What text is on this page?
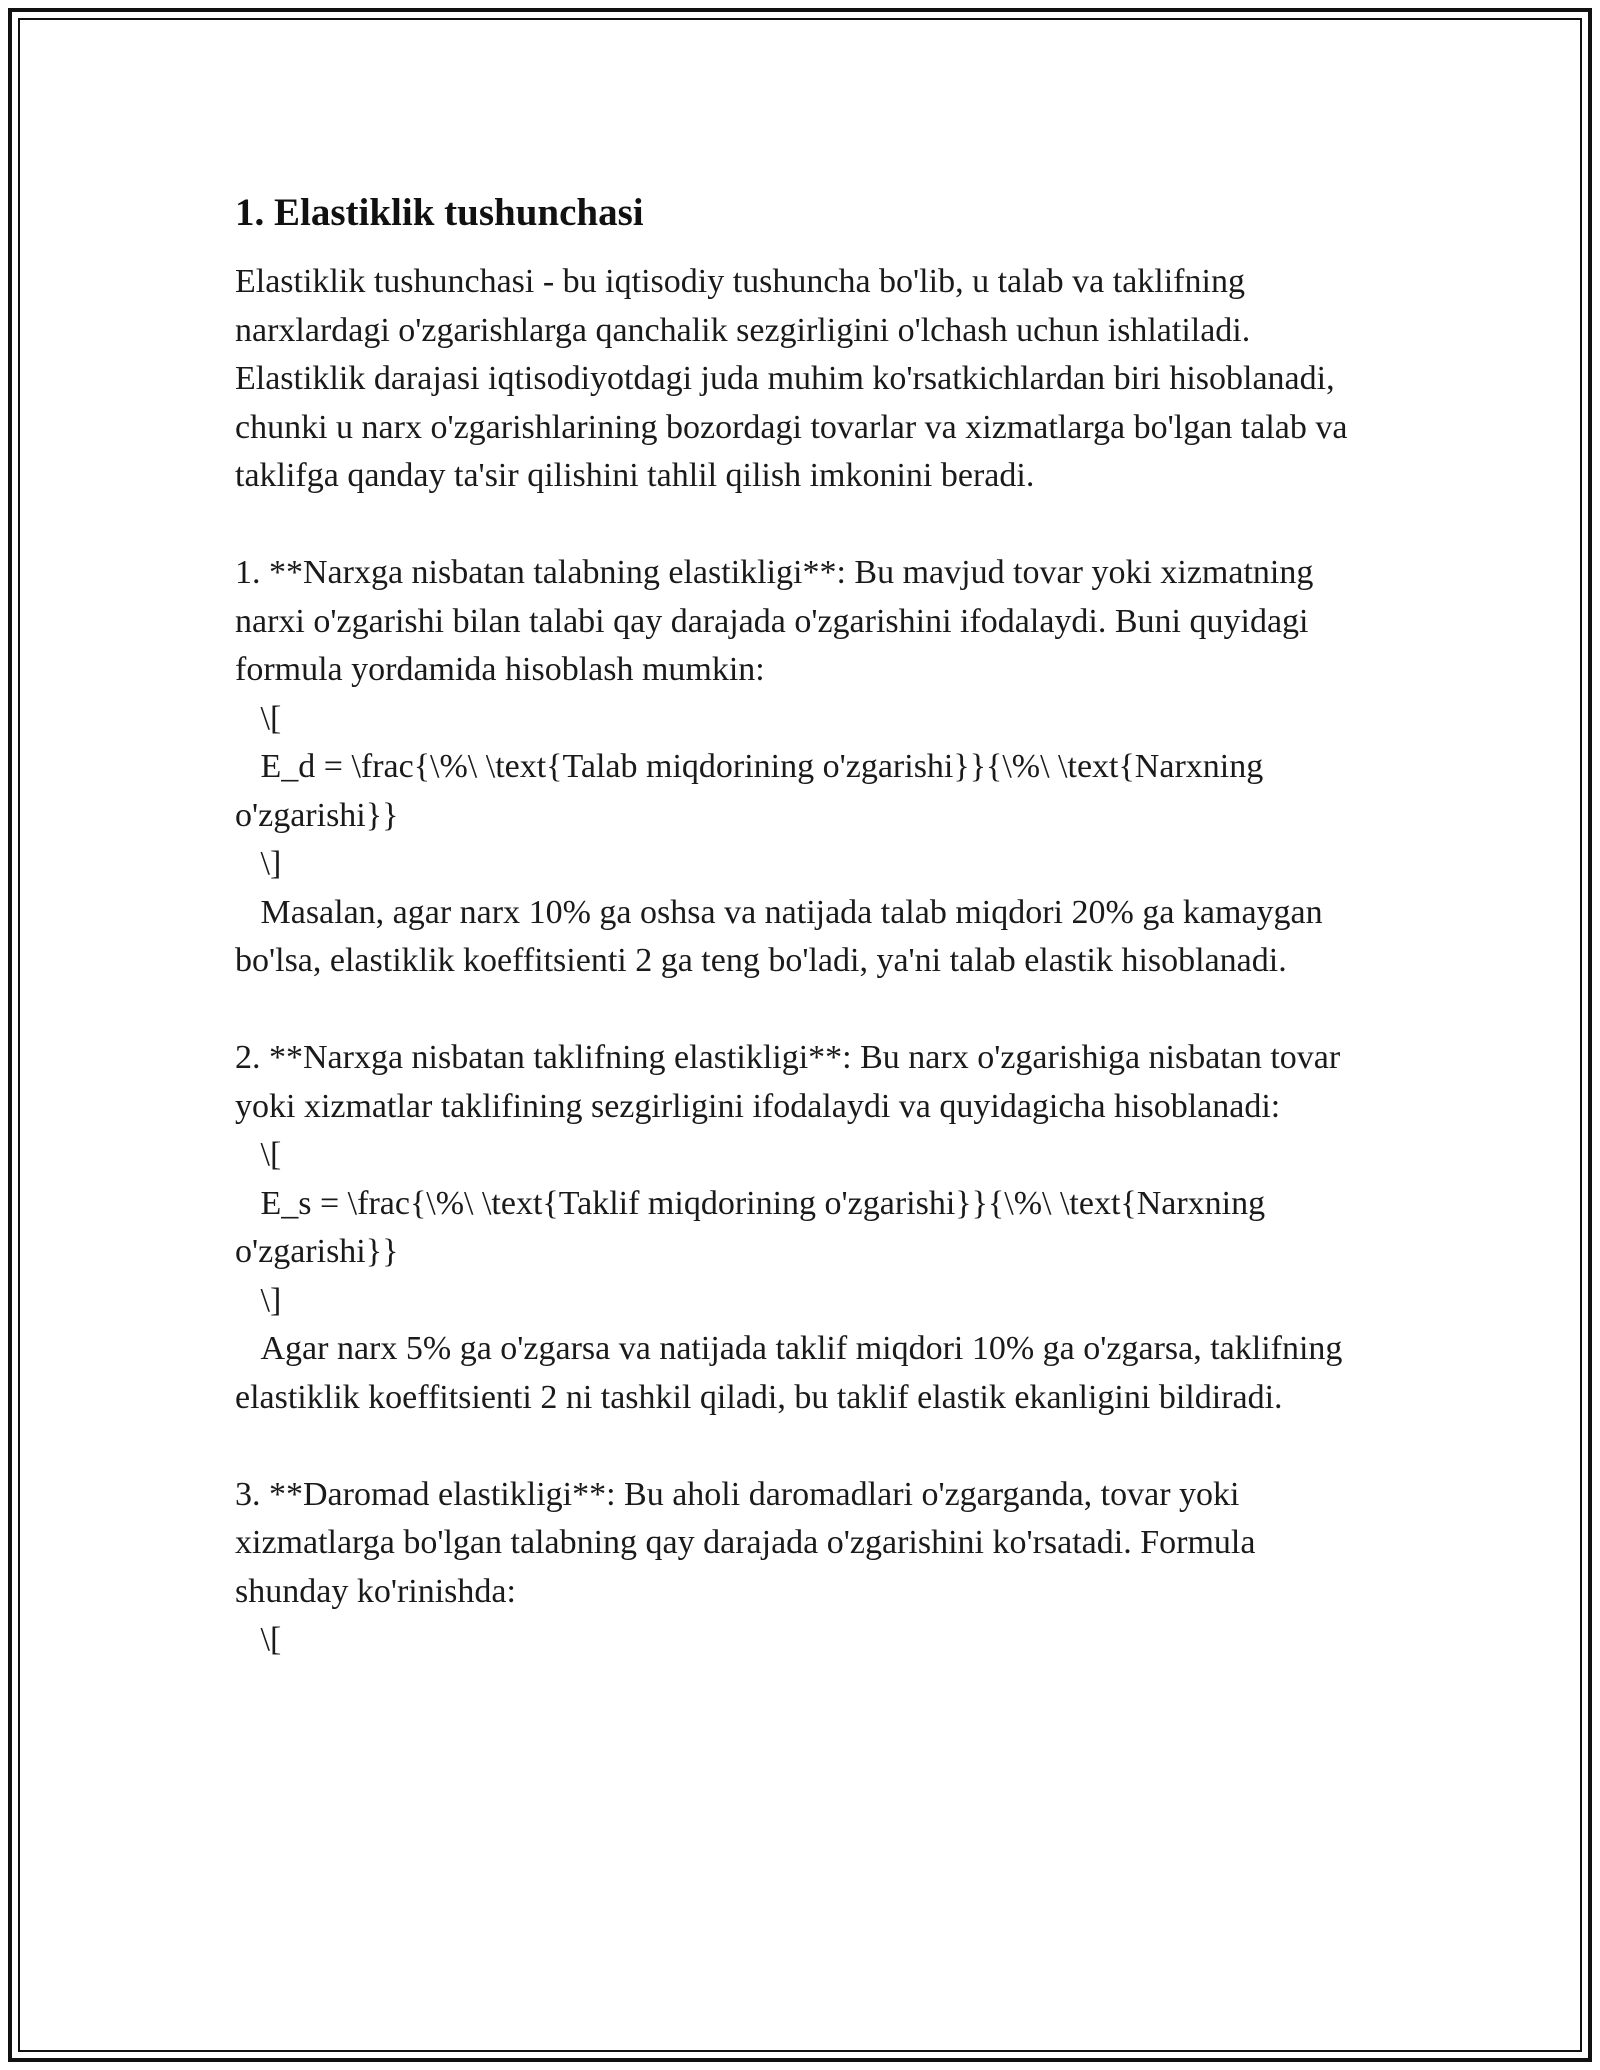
1. Elastiklik tushunchasi

Elastiklik tushunchasi - bu iqtisodiy tushuncha bo'lib, u talab va taklifning narxlardagi o'zgarishlarga qanchalik sezgirligini o'lchash uchun ishlatiladi. Elastiklik darajasi iqtisodiyotdagi juda muhim ko'rsatkichlardan biri hisoblanadi, chunki u narx o'zgarishlarining bozordagi tovarlar va xizmatlarga bo'lgan talab va taklifga qanday ta'sir qilishini tahlil qilish imkonini beradi.

1. **Narxga nisbatan talabning elastikligi**: Bu mavjud tovar yoki xizmatning narxi o'zgarishi bilan talabi qay darajada o'zgarishini ifodalaydi. Buni quyidagi formula yordamida hisoblash mumkin:
\[
E_d = \frac{\%\ \text{Talab miqdorining o'zgarishi}}{\%\ \text{Narxning o'zgarishi}}
\]
Masalan, agar narx 10% ga oshsa va natijada talab miqdori 20% ga kamaygan bo'lsa, elastiklik koeffitsienti 2 ga teng bo'ladi, ya'ni talab elastik hisoblanadi.

2. **Narxga nisbatan taklifning elastikligi**: Bu narx o'zgarishiga nisbatan tovar yoki xizmatlar taklifining sezgirligini ifodalaydi va quyidagicha hisoblanadi:
\[
E_s = \frac{\%\ \text{Taklif miqdorining o'zgarishi}}{\%\ \text{Narxning o'zgarishi}}
\]
Agar narx 5% ga o'zgarsa va natijada taklif miqdori 10% ga o'zgarsa, taklifning elastiklik koeffitsienti 2 ni tashkil qiladi, bu taklif elastik ekanligini bildiradi.

3. **Daromad elastikligi**: Bu aholi daromadlari o'zgarganda, tovar yoki xizmatlarga bo'lgan talabning qay darajada o'zgarishini ko'rsatadi. Formula shunday ko'rinishda:
\[
